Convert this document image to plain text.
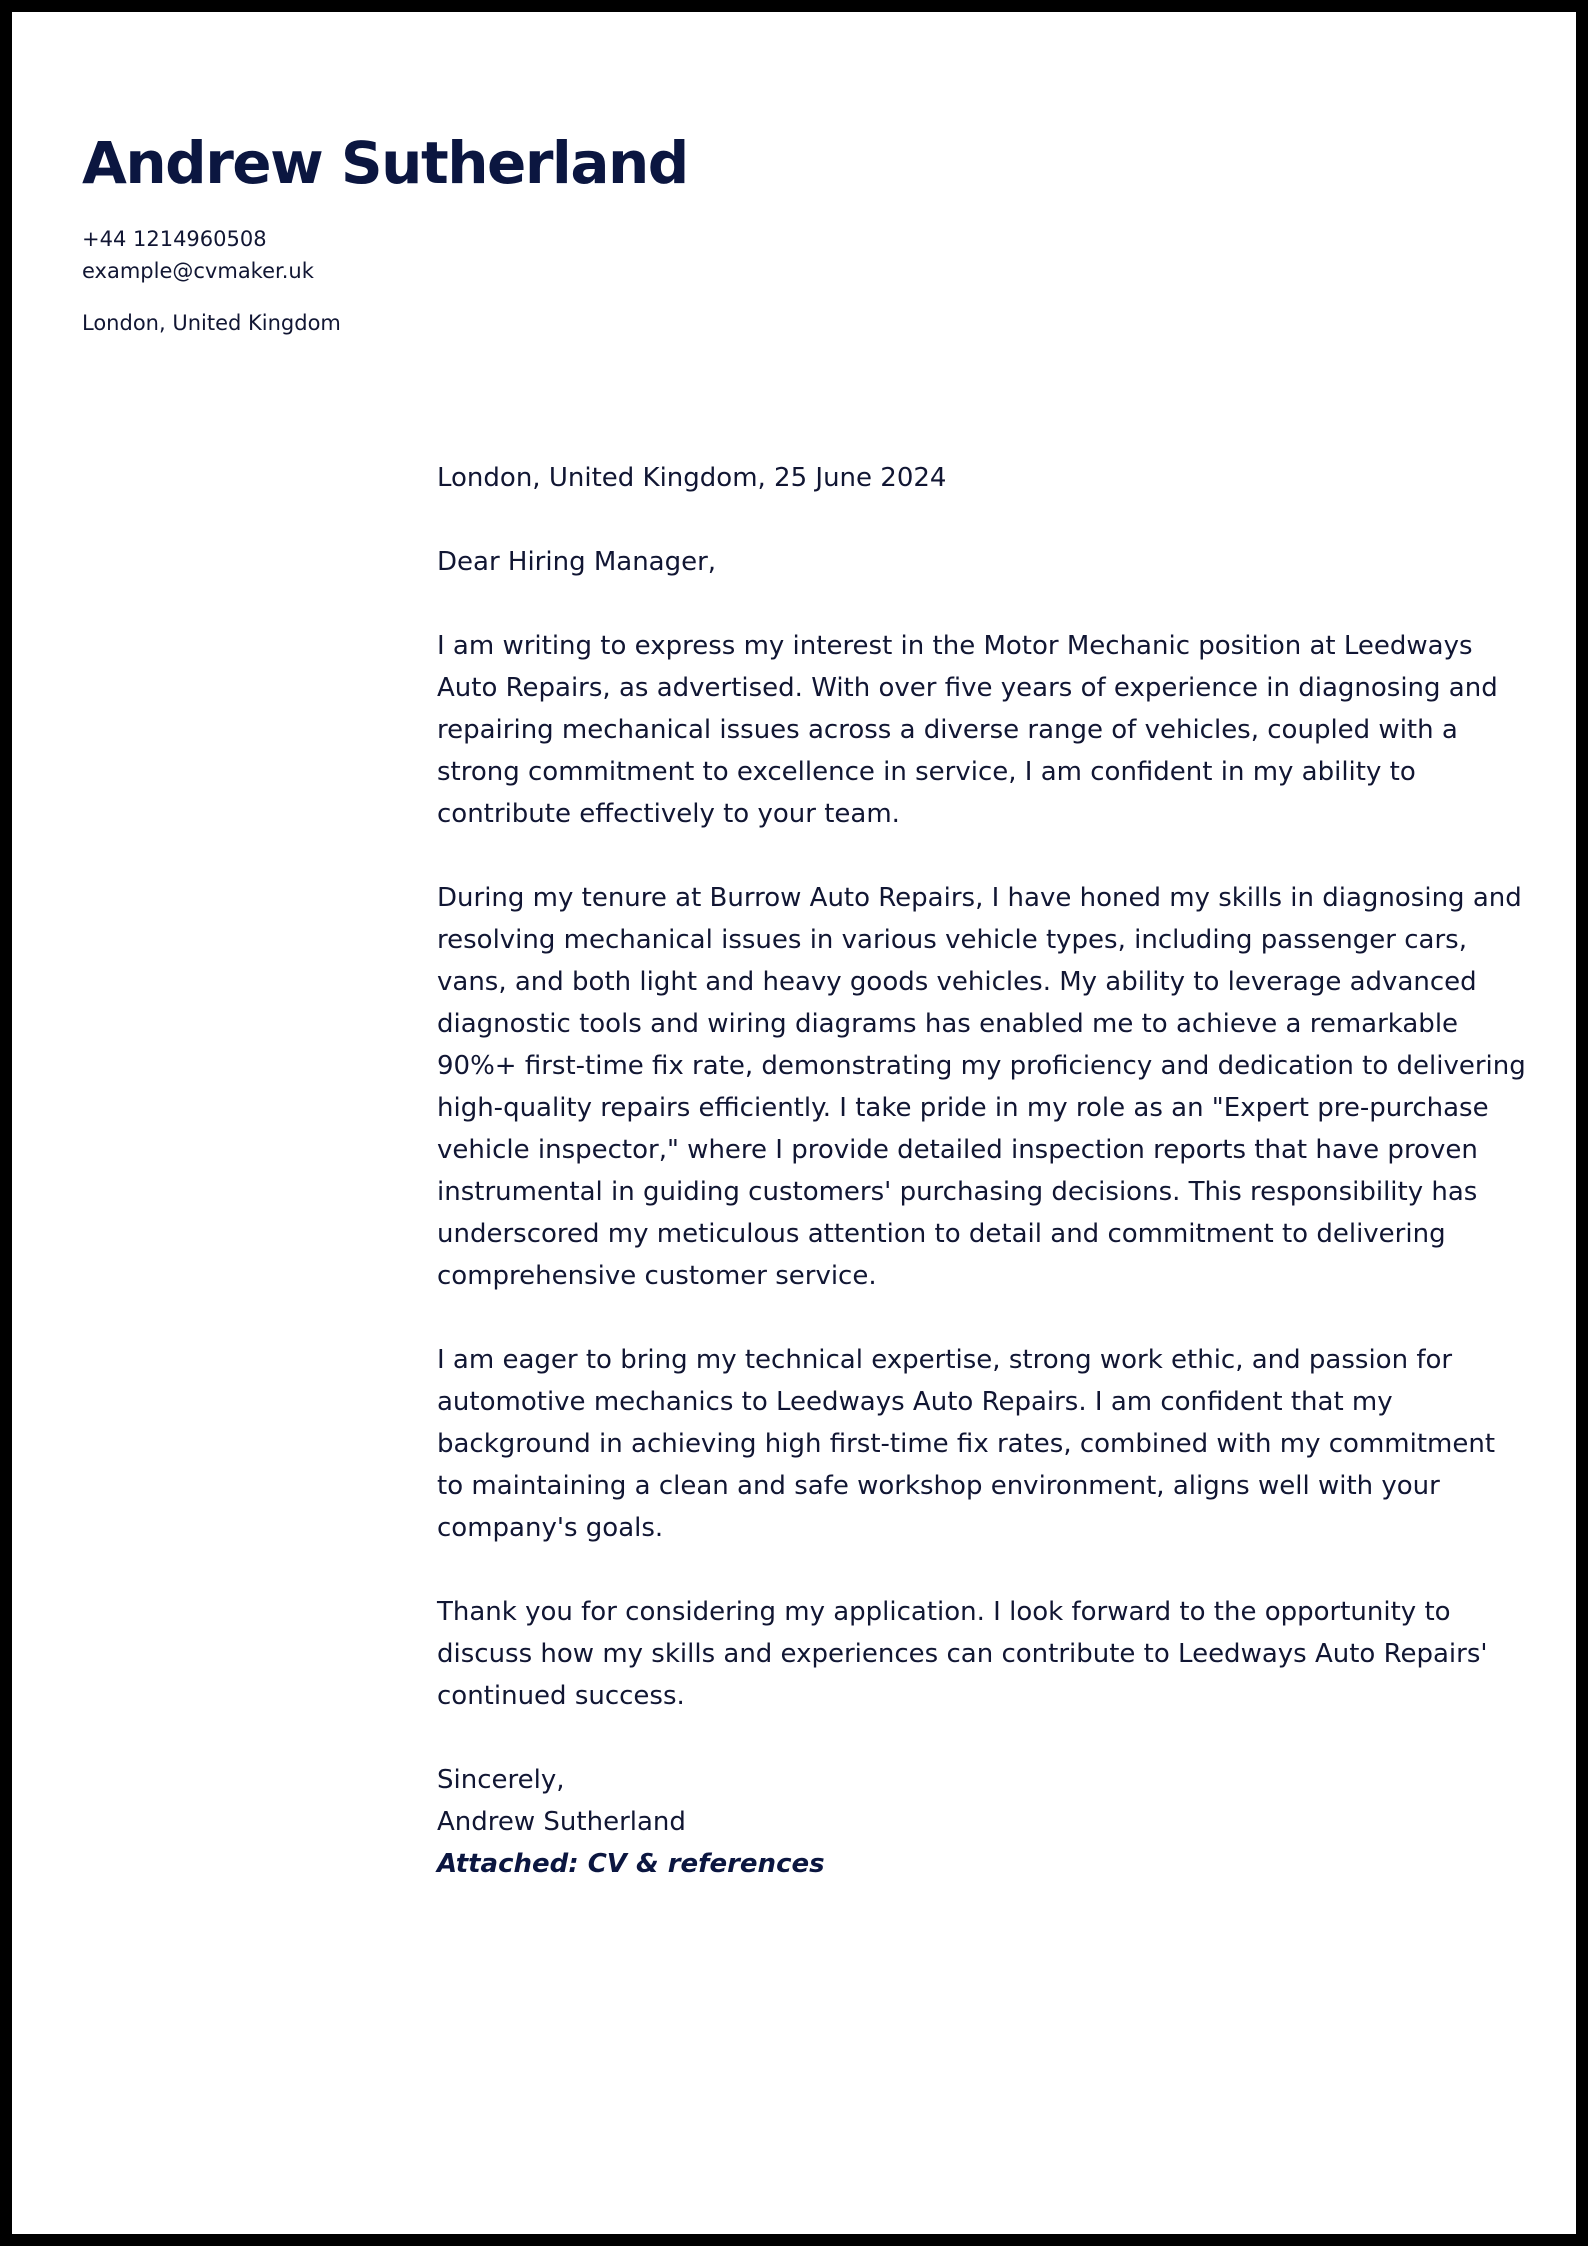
Andrew Sutherland
+44 1214960508
example@cvmaker.uk
London, United Kingdom

London, United Kingdom, 25 June 2024

Dear Hiring Manager,

I am writing to express my interest in the Motor Mechanic position at Leedways Auto Repairs, as advertised. With over five years of experience in diagnosing and repairing mechanical issues across a diverse range of vehicles, coupled with a strong commitment to excellence in service, I am confident in my ability to contribute effectively to your team.

During my tenure at Burrow Auto Repairs, I have honed my skills in diagnosing and resolving mechanical issues in various vehicle types, including passenger cars, vans, and both light and heavy goods vehicles. My ability to leverage advanced diagnostic tools and wiring diagrams has enabled me to achieve a remarkable 90%+ first-time fix rate, demonstrating my proficiency and dedication to delivering high-quality repairs efficiently. I take pride in my role as an "Expert pre-purchase vehicle inspector," where I provide detailed inspection reports that have proven instrumental in guiding customers' purchasing decisions. This responsibility has underscored my meticulous attention to detail and commitment to delivering comprehensive customer service.

I am eager to bring my technical expertise, strong work ethic, and passion for automotive mechanics to Leedways Auto Repairs. I am confident that my background in achieving high first-time fix rates, combined with my commitment to maintaining a clean and safe workshop environment, aligns well with your company's goals.

Thank you for considering my application. I look forward to the opportunity to discuss how my skills and experiences can contribute to Leedways Auto Repairs' continued success.

Sincerely,
Andrew Sutherland
Attached: CV & references
